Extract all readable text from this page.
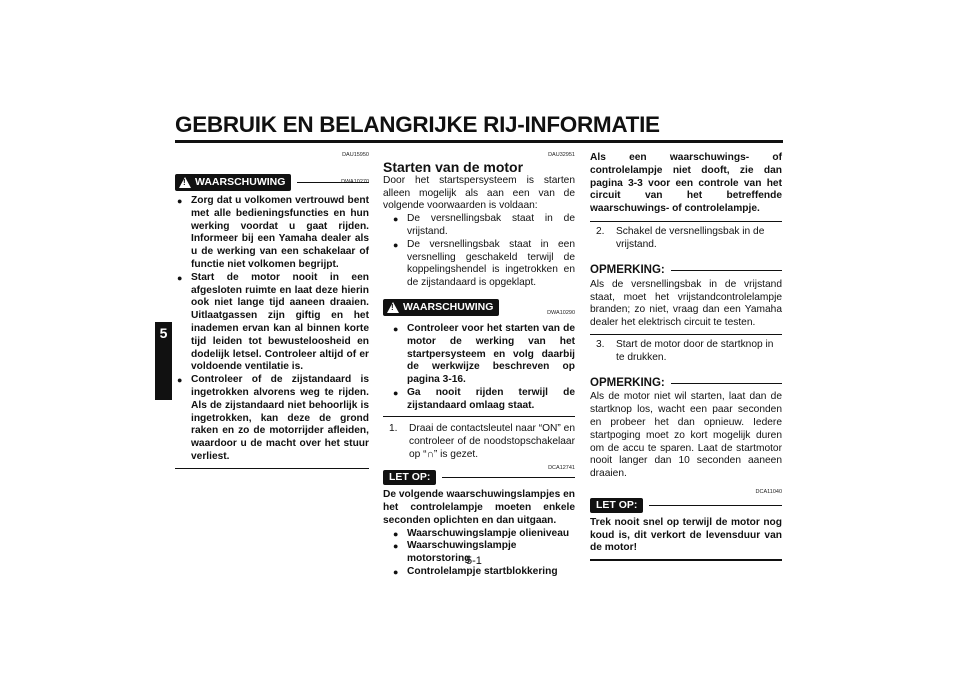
GEBRUIK EN BELANGRIJKE RIJ-INFORMATIE
5
5-1
DAU15950
! WAARSCHUWING	DWA10270
● Zorg dat u volkomen vertrouwd bent met alle bedieningsfuncties en hun werking voordat u gaat rijden. Informeer bij een Yamaha dealer als u de werking van een schakelaar of functie niet volkomen begrijpt.
● Start de motor nooit in een afgesloten ruimte en laat deze hierin ook niet lange tijd aaneen draaien. Uitlaatgassen zijn giftig en het inademen ervan kan al binnen korte tijd leiden tot bewusteloosheid en dodelijk letsel. Controleer altijd of er voldoende ventilatie is.
● Controleer of de zijstandaard is ingetrokken alvorens weg te rijden. Als de zijstandaard niet behoorlijk is ingetrokken, kan deze de grond raken en zo de motorrijder afleiden, waardoor u de macht over het stuur verliest.
DAU32951
Starten van de motor
Door het startspersysteem is starten alleen mogelijk als aan een van de volgende voorwaarden is voldaan:
● De versnellingsbak staat in de vrijstand.
● De versnellingsbak staat in een versnelling geschakeld terwijl de koppelingshendel is ingetrokken en de zijstandaard is opgeklapt.
! WAARSCHUWING	DWA10290
● Controleer voor het starten van de motor de werking van het startpersysteem en volg daarbij de werkwijze beschreven op pagina 3-16.
● Ga nooit rijden terwijl de zijstandaard omlaag staat.
1.	Draai de contactsleutel naar “ON” en controleer of de noodstopschakelaar op “∩” is gezet.
DCA12741
LET OP:
De volgende waarschuwingslampjes en het controlelampje moeten enkele seconden oplichten en dan uitgaan.
● Waarschuwingslampje olieniveau
● Waarschuwingslampje motorstoring
● Controlelampje startblokkering
Als een waarschuwings- of controlelampje niet dooft, zie dan pagina 3-3 voor een controle van het circuit van het betreffende waarschuwings- of controlelampje.
2.	Schakel de versnellingsbak in de vrijstand.
OPMERKING:
Als de versnellingsbak in de vrijstand staat, moet het vrijstandcontrolelampje branden; zo niet, vraag dan een Yamaha dealer het elektrisch circuit te testen.
3.	Start de motor door de startknop in te drukken.
OPMERKING:
Als de motor niet wil starten, laat dan de startknop los, wacht een paar seconden en probeer het dan opnieuw. Iedere startpoging moet zo kort mogelijk duren om de accu te sparen. Laat de startmotor nooit langer dan 10 seconden aaneen draaien.
DCA11040
LET OP:
Trek nooit snel op terwijl de motor nog koud is, dit verkort de levensduur van de motor!
